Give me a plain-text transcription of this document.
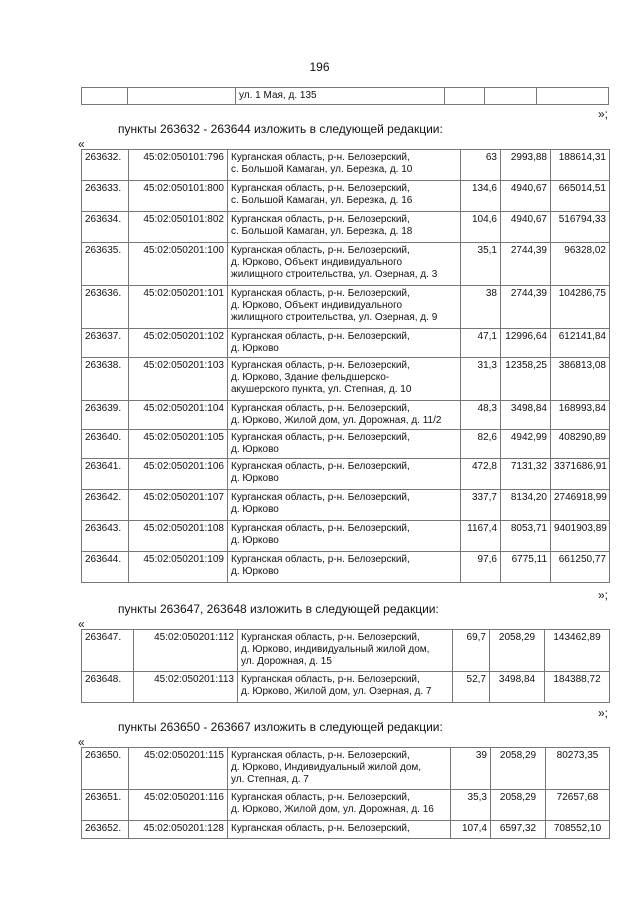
196
		ул. 1 Мая, д. 135			
»;
пункты 263632 - 263644 изложить в следующей редакции:
«
263632.	45:02:050101:796	Курганская область, р-н. Белозерский,
с. Большой Камаган, ул. Березка, д. 10	63	2993,88	188614,31
263633.	45:02:050101:800	Курганская область, р-н. Белозерский,
с. Большой Камаган, ул. Березка, д. 16	134,6	4940,67	665014,51
263634.	45:02:050101:802	Курганская область, р-н. Белозерский,
с. Большой Камаган, ул. Березка, д. 18	104,6	4940,67	516794,33
263635.	45:02:050201:100	Курганская область, р-н. Белозерский,
д. Юрково, Объект индивидуального
жилищного строительства, ул. Озерная, д. 3	35,1	2744,39	96328,02
263636.	45:02:050201:101	Курганская область, р-н. Белозерский,
д. Юрково, Объект индивидуального
жилищного строительства, ул. Озерная, д. 9	38	2744,39	104286,75
263637.	45:02:050201:102	Курганская область, р-н. Белозерский,
д. Юрково	47,1	12996,64	612141,84
263638.	45:02:050201:103	Курганская область, р-н. Белозерский,
д. Юрково, Здание фельдшерско-
акушерского пункта, ул. Степная, д. 10	31,3	12358,25	386813,08
263639.	45:02:050201:104	Курганская область, р-н. Белозерский,
д. Юрково, Жилой дом, ул. Дорожная, д. 11/2	48,3	3498,84	168993,84
263640.	45:02:050201:105	Курганская область, р-н. Белозерский,
д. Юрково	82,6	4942,99	408290,89
263641.	45:02:050201:106	Курганская область, р-н. Белозерский,
д. Юрково	472,8	7131,32	3371686,91
263642.	45:02:050201:107	Курганская область, р-н. Белозерский,
д. Юрково	337,7	8134,20	2746918,99
263643.	45:02:050201:108	Курганская область, р-н. Белозерский,
д. Юрково	1167,4	8053,71	9401903,89
263644.	45:02:050201:109	Курганская область, р-н. Белозерский,
д. Юрково	97,6	6775,11	661250,77
»;
пункты 263647, 263648 изложить в следующей редакции:
«
263647.	45:02:050201:112	Курганская область, р-н. Белозерский,
д. Юрково, индивидуальный жилой дом,
ул. Дорожная, д. 15	69,7	2058,29	143462,89
263648.	45:02:050201:113	Курганская область, р-н. Белозерский,
д. Юрково, Жилой дом, ул. Озерная, д. 7	52,7	3498,84	184388,72
»;
пункты 263650 - 263667 изложить в следующей редакции:
«
263650.	45:02:050201:115	Курганская область, р-н. Белозерский,
д. Юрково, Индивидуальный жилой дом,
ул. Степная, д. 7	39	2058,29	80273,35
263651.	45:02:050201:116	Курганская область, р-н. Белозерский,
д. Юрково, Жилой дом, ул. Дорожная, д. 16	35,3	2058,29	72657,68
263652.	45:02:050201:128	Курганская область, р-н. Белозерский,	107,4	6597,32	708552,10
